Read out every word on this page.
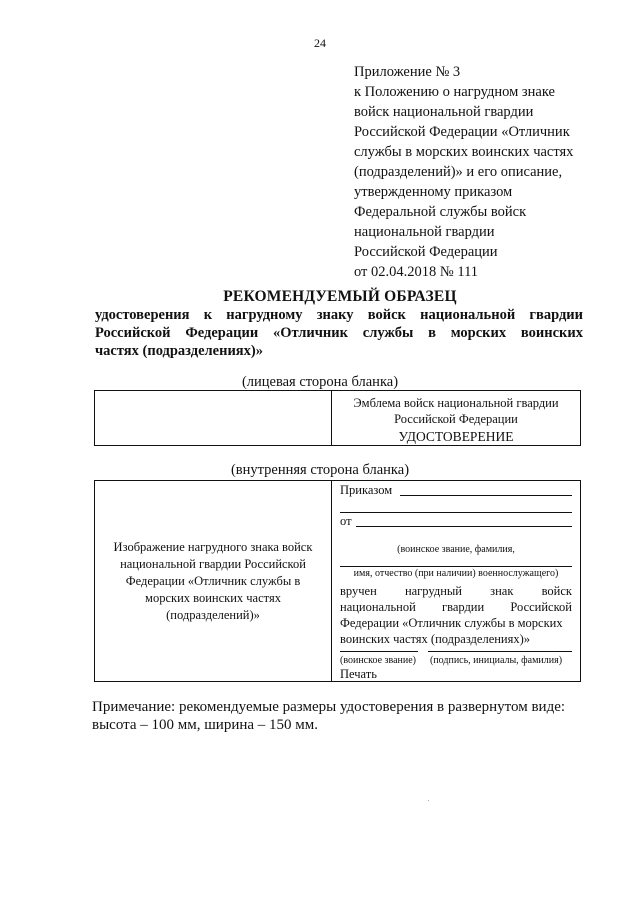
24
Приложение № 3
к Положению о нагрудном знаке
войск национальной гвардии
Российской Федерации «Отличник
службы в морских воинских частях
(подразделений)» и его описание,
утвержденному приказом
Федеральной службы войск
национальной гвардии
Российской Федерации
от 02.04.2018 № 111
РЕКОМЕНДУЕМЫЙ ОБРАЗЕЦ
удостоверения к нагрудному знаку войск национальной гвардии
Российской Федерации «Отличник службы в морских воинских
частях (подразделениях)»
(лицевая сторона бланка)

Эмблема войск национальной гвардии
Российской Федерации
УДОСТОВЕРЕНИЕ
(внутренняя сторона бланка)
Изображение нагрудного знака войск
национальной гвардии Российской
Федерации «Отличник службы в
морских воинских частях
(подразделений)»

Приказом
от
(воинское звание, фамилия,
имя, отчество (при наличии) военнослужащего)
вручен нагрудный знак войск
национальной гвардии Российской
Федерации «Отличник службы в морских
воинских частях (подразделениях)»
(воинское звание) (подпись, инициалы, фамилия)
Печать
Примечание: рекомендуемые размеры удостоверения в развернутом виде:
высота – 100 мм, ширина – 150 мм.
